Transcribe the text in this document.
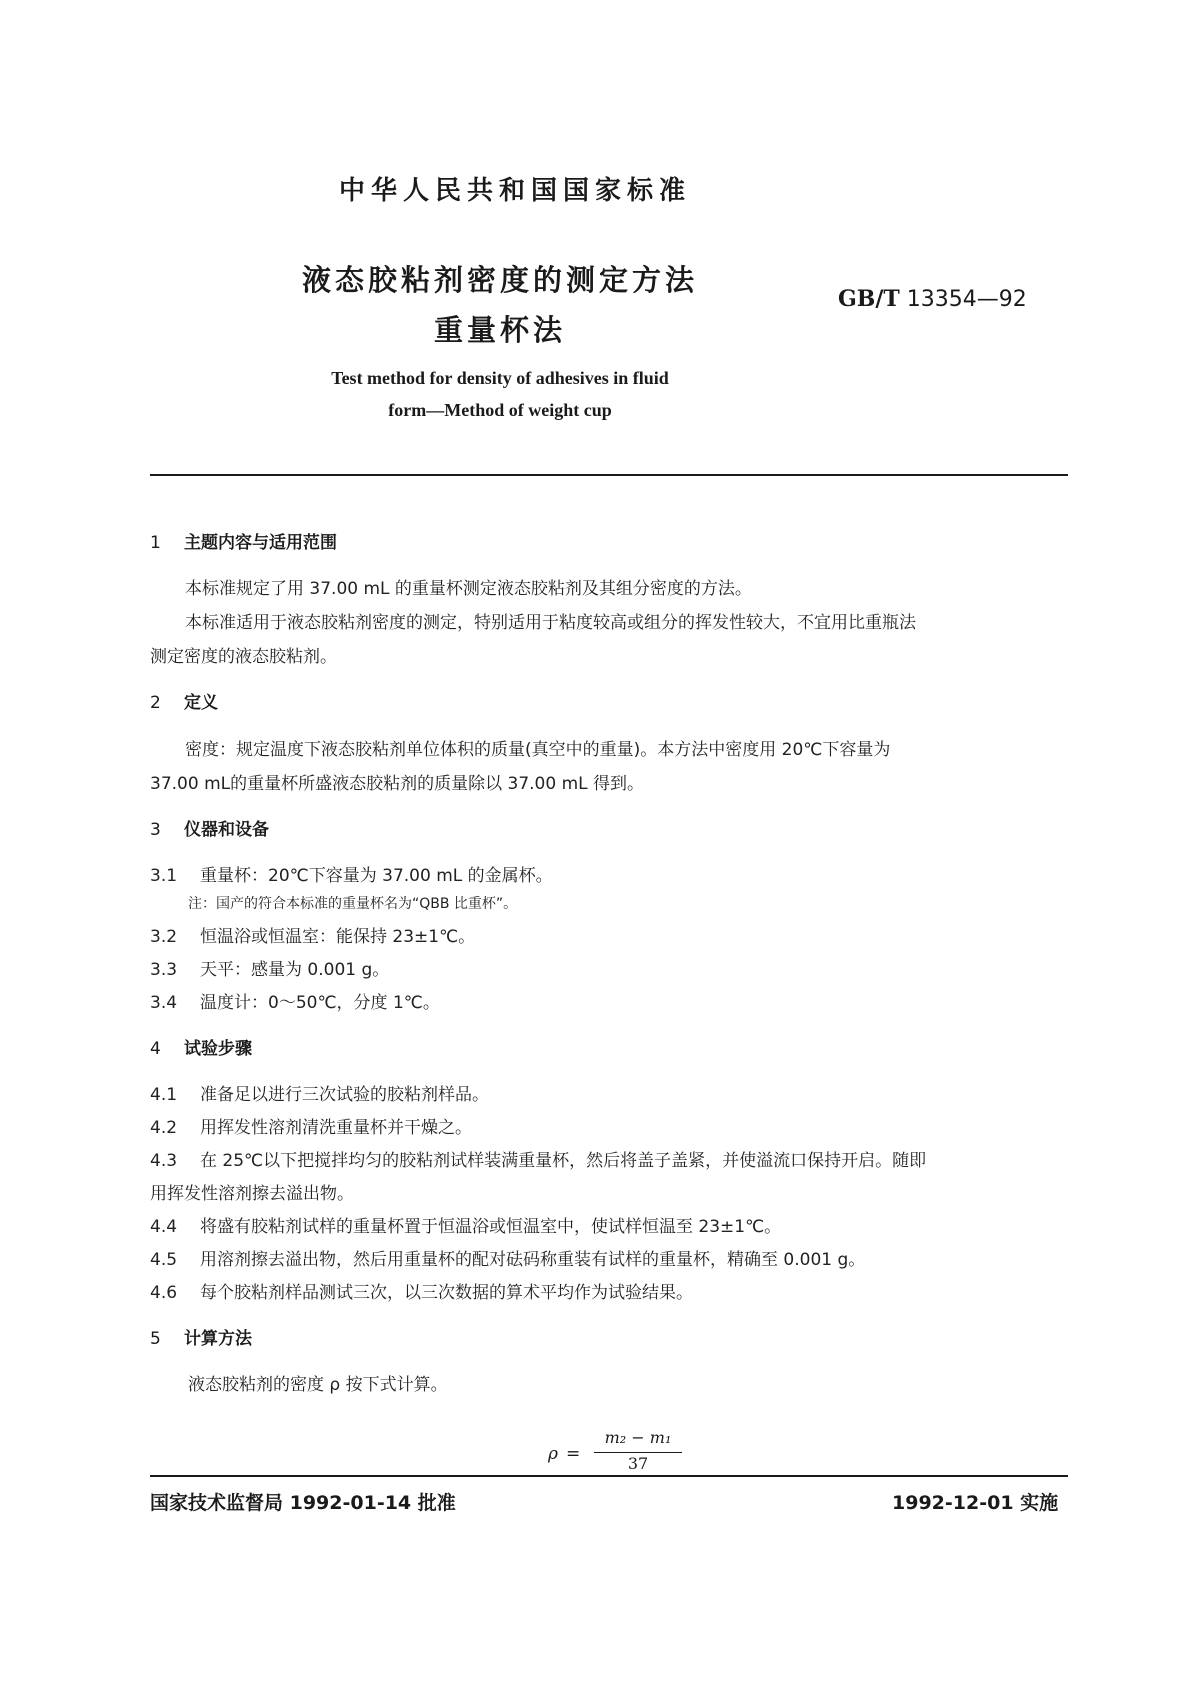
中华人民共和国国家标准
液态胶粘剂密度的测定方法
重量杯法
GB/T 13354—92
Test method for density of adhesives in fluid
form—Method of weight cup
1 主题内容与适用范围
本标准规定了用 37.00 mL 的重量杯测定液态胶粘剂及其组分密度的方法。
本标准适用于液态胶粘剂密度的测定，特别适用于粘度较高或组分的挥发性较大，不宜用比重瓶法
测定密度的液态胶粘剂。
2 定义
密度：规定温度下液态胶粘剂单位体积的质量(真空中的重量)。本方法中密度用 20℃下容量为
37.00 mL的重量杯所盛液态胶粘剂的质量除以 37.00 mL 得到。
3 仪器和设备
3.1 重量杯：20℃下容量为 37.00 mL 的金属杯。
注：国产的符合本标准的重量杯名为“QBB 比重杯”。
3.2 恒温浴或恒温室：能保持 23±1℃。
3.3 天平：感量为 0.001 g。
3.4 温度计：0～50℃，分度 1℃。
4 试验步骤
4.1 准备足以进行三次试验的胶粘剂样品。
4.2 用挥发性溶剂清洗重量杯并干燥之。
4.3 在 25℃以下把搅拌均匀的胶粘剂试样装满重量杯，然后将盖子盖紧，并使溢流口保持开启。随即
用挥发性溶剂擦去溢出物。
4.4 将盛有胶粘剂试样的重量杯置于恒温浴或恒温室中，使试样恒温至 23±1℃。
4.5 用溶剂擦去溢出物，然后用重量杯的配对砝码称重装有试样的重量杯，精确至 0.001 g。
4.6 每个胶粘剂样品测试三次，以三次数据的算术平均作为试验结果。
5 计算方法
液态胶粘剂的密度 ρ 按下式计算。
ρ =
m₂ − m₁
37
国家技术监督局 1992-01-14 批准	1992-12-01 实施
